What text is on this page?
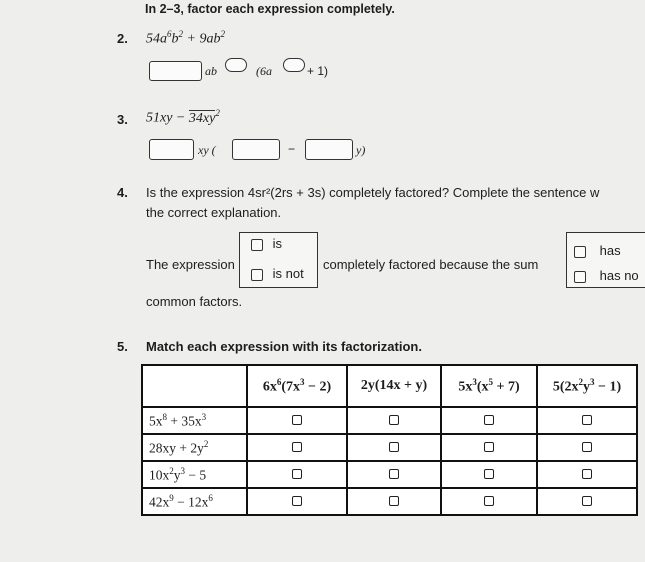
In 2–3, factor each expression completely.
2. $54a^6b^2 + 9ab^2$
ab	(6a	+ 1)
3. $51xy - 34xy^2$
xy (	−	y)
4. Is the expression 4sr²(2rs + 3s) completely factored? Complete the sentence w
the correct explanation.
The expression
is
is not
completely factored because the sum
has
has no
common factors.
5. Match each expression with its factorization.
	$6x^6(7x^3 - 2)$	2y(14x + y)	$5x^3(x^5 + 7)$	$5(2x^2y^3 - 1)$
$5x^8 + 35x^3$				
$28xy + 2y^2$				
$10x^2y^3 - 5$				
$42x^9 - 12x^6$				
